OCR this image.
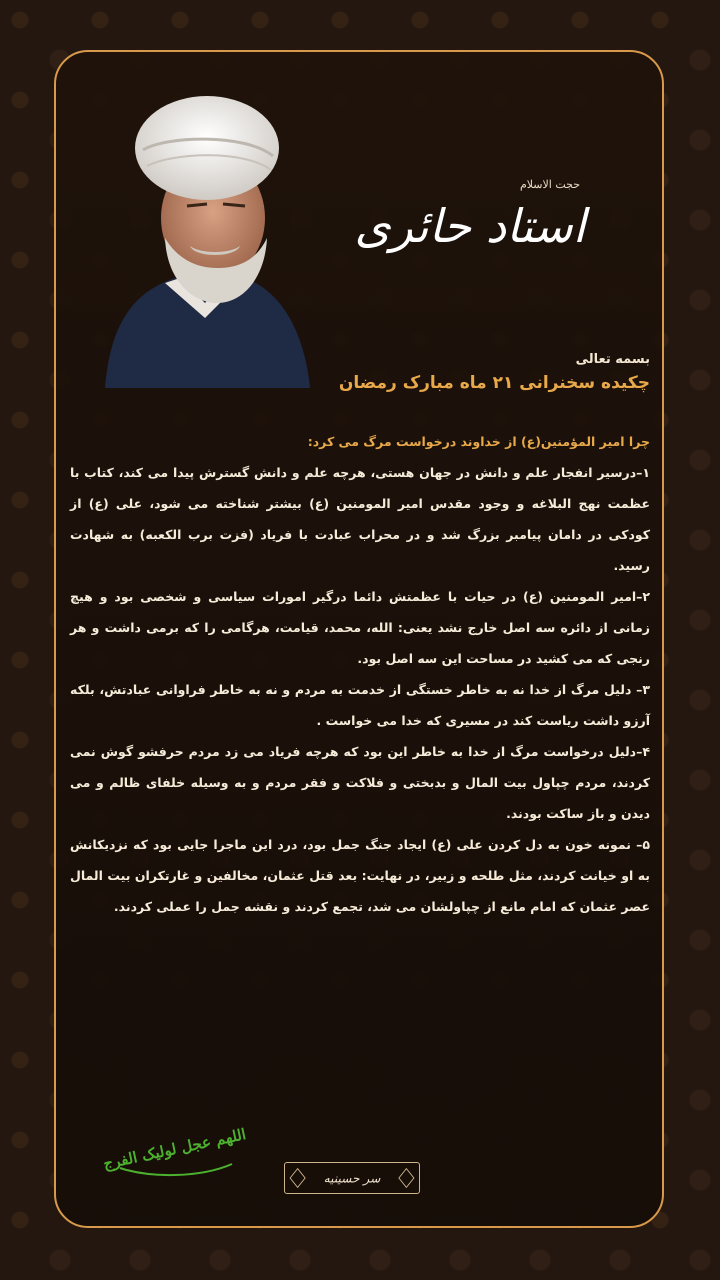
حجت الاسلام
استاد حائری

بسمه تعالی

چکیده سخنرانی ۲۱ ماه مبارک رمضان

چرا امیر المؤمنین(ع) از خداوند درخواست مرگ می کرد:

۱–درسیر انفجار علم و دانش در جهان هستی، هرچه علم و دانش گسترش پیدا می کند، کتاب با عظمت نهج البلاغه و وجود مقدس امیر المومنین (ع) بیشتر شناخته می شود، علی (ع) از کودکی در دامان پیامبر بزرگ شد و در محراب عبادت با فریاد (فزت برب الکعبه) به شهادت رسید.

۲–امیر المومنین (ع) در حیات با عظمتش دائما درگیر امورات سیاسی و شخصی بود و هیچ زمانی از دائره سه اصل خارج نشد یعنی: الله، محمد، قیامت، هرگامی را که برمی داشت و هر رنجی که می کشید در مساحت این سه اصل بود.

۳– دلیل مرگ از خدا نه به خاطر خستگی از خدمت به مردم و نه به خاطر فراوانی عبادتش، بلکه آرزو داشت ریاست کند در مسیری که خدا می خواست .

۴–دلیل درخواست مرگ از خدا به خاطر این بود که هرچه فریاد می زد مردم حرفشو گوش نمی کردند، مردم چپاول بیت المال و بدبختی و فلاکت و فقر مردم و به وسیله خلفای ظالم و می دیدن و باز ساکت بودند.

۵– نمونه خون به دل کردن علی (ع) ایجاد جنگ جمل بود، درد این ماجرا جایی بود که نزدیکانش به او خیانت کردند، مثل طلحه و زبیر، در نهایت: بعد قتل عثمان، مخالفین و غارتکران بیت المال عصر عثمان که امام مانع از چپاولشان می شد، تجمع کردند و نقشه جمل را عملی کردند.

اللهم عجل لولیک الفرج
سر حسینیه
